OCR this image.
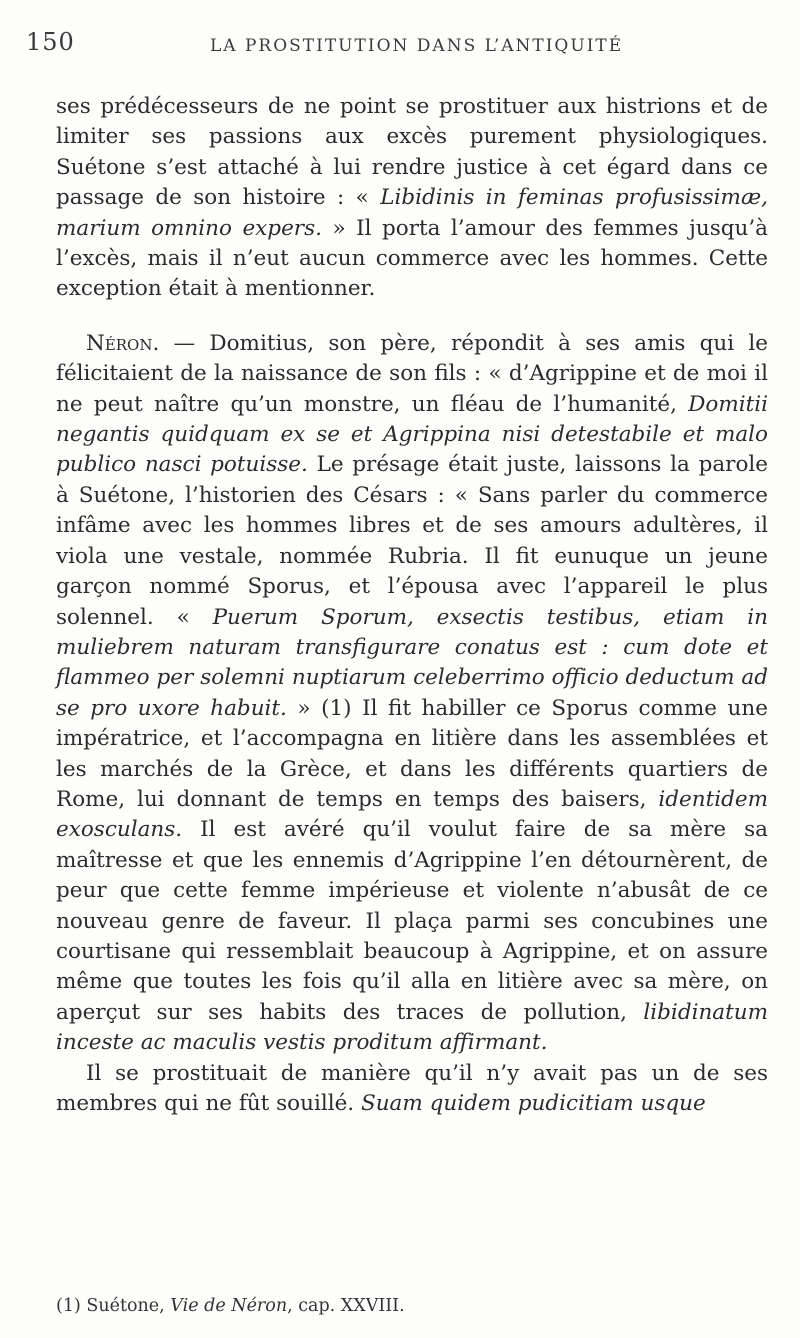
150	LA PROSTITUTION DANS L’ANTIQUITÉ

ses prédécesseurs de ne point se prostituer aux histrions et de limiter ses passions aux excès purement physiologiques. Suétone s’est attaché à lui rendre justice à cet égard dans ce passage de son histoire : « Libidinis in feminas profusissimæ, marium omnino expers. » Il porta l’amour des femmes jusqu’à l’excès, mais il n’eut aucun commerce avec les hommes. Cette exception était à mentionner.

Néron. — Domitius, son père, répondit à ses amis qui le félicitaient de la naissance de son fils : « d’Agrippine et de moi il ne peut naître qu’un monstre, un fléau de l’humanité, Domitii negantis quidquam ex se et Agrippina nisi detestabile et malo publico nasci potuisse. Le présage était juste, laissons la parole à Suétone, l’historien des Césars : « Sans parler du commerce infâme avec les hommes libres et de ses amours adultères, il viola une vestale, nommée Rubria. Il fit eunuque un jeune garçon nommé Sporus, et l’épousa avec l’appareil le plus solennel. « Puerum Sporum, exsectis testibus, etiam in muliebrem naturam transfigurare conatus est : cum dote et flammeo per solemni nuptiarum celeberrimo officio deductum ad se pro uxore habuit. » (1) Il fit habiller ce Sporus comme une impératrice, et l’accompagna en litière dans les assemblées et les marchés de la Grèce, et dans les différents quartiers de Rome, lui donnant de temps en temps des baisers, identidem exosculans. Il est avéré qu’il voulut faire de sa mère sa maîtresse et que les ennemis d’Agrippine l’en détournèrent, de peur que cette femme impérieuse et violente n’abusât de ce nouveau genre de faveur. Il plaça parmi ses concubines une courtisane qui ressemblait beaucoup à Agrippine, et on assure même que toutes les fois qu’il alla en litière avec sa mère, on aperçut sur ses habits des traces de pollution, libidinatum inceste ac maculis vestis proditum affirmant.

Il se prostituait de manière qu’il n’y avait pas un de ses membres qui ne fût souillé. Suam quidem pudicitiam usque

(1) Suétone, Vie de Néron, cap. XXVIII.
